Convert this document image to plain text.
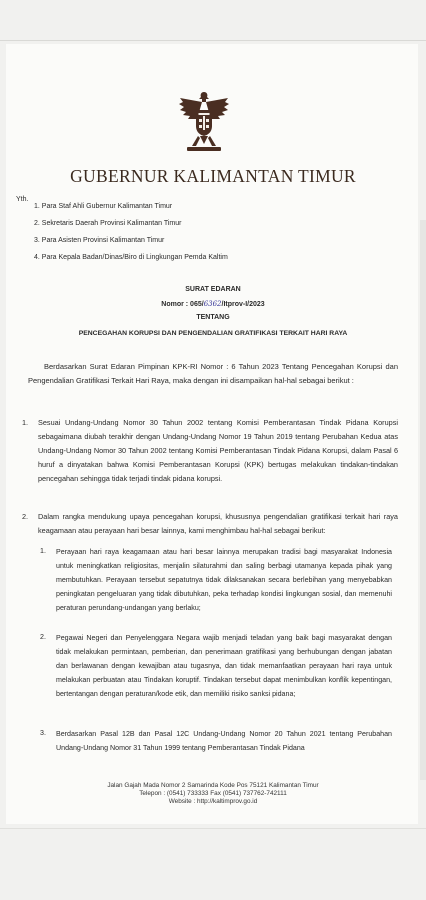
GUBERNUR KALIMANTAN TIMUR
Yth.
1. Para Staf Ahli Gubernur Kalimantan Timur
2. Sekretaris Daerah Provinsi Kalimantan Timur
3. Para Asisten Provinsi Kalimantan Timur
4. Para Kepala Badan/Dinas/Biro di Lingkungan Pemda Kaltim
SURAT EDARAN
Nomor : 065/6362/Itprov-I/2023
TENTANG
PENCEGAHAN KORUPSI DAN PENGENDALIAN GRATIFIKASI TERKAIT HARI RAYA
Berdasarkan Surat Edaran Pimpinan KPK-RI Nomor : 6 Tahun 2023 Tentang Pencegahan Korupsi dan Pengendalian Gratifikasi Terkait Hari Raya, maka dengan ini disampaikan hal-hal sebagai berikut :
1. Sesuai Undang-Undang Nomor 30 Tahun 2002 tentang Komisi Pemberantasan Tindak Pidana Korupsi sebagaimana diubah terakhir dengan Undang-Undang Nomor 19 Tahun 2019 tentang Perubahan Kedua atas Undang-Undang Nomor 30 Tahun 2002 tentang Komisi Pemberantasan Tindak Pidana Korupsi, dalam Pasal 6 huruf a dinyatakan bahwa Komisi Pemberantasan Korupsi (KPK) bertugas melakukan tindakan-tindakan pencegahan sehingga tidak terjadi tindak pidana korupsi.
2. Dalam rangka mendukung upaya pencegahan korupsi, khususnya pengendalian gratifikasi terkait hari raya keagamaan atau perayaan hari besar lainnya, kami menghimbau hal-hal sebagai berikut:
1. Perayaan hari raya keagamaan atau hari besar lainnya merupakan tradisi bagi masyarakat Indonesia untuk meningkatkan religiositas, menjalin silaturahmi dan saling berbagi utamanya kepada pihak yang membutuhkan. Perayaan tersebut sepatutnya tidak dilaksanakan secara berlebihan yang menyebabkan peningkatan pengeluaran yang tidak dibutuhkan, peka terhadap kondisi lingkungan sosial, dan memenuhi peraturan perundang-undangan yang berlaku;
2. Pegawai Negeri dan Penyelenggara Negara wajib menjadi teladan yang baik bagi masyarakat dengan tidak melakukan permintaan, pemberian, dan penerimaan gratifikasi yang berhubungan dengan jabatan dan berlawanan dengan kewajiban atau tugasnya, dan tidak memanfaatkan perayaan hari raya untuk melakukan perbuatan atau Tindakan koruptif. Tindakan tersebut dapat menimbulkan konflik kepentingan, bertentangan dengan peraturan/kode etik, dan memiliki risiko sanksi pidana;
3. Berdasarkan Pasal 12B dan Pasal 12C Undang-Undang Nomor 20 Tahun 2021 tentang Perubahan Undang-Undang Nomor 31 Tahun 1999 tentang Pemberantasan Tindak Pidana
Jalan Gajah Mada Nomor 2 Samarinda Kode Pos 75121 Kalimantan Timur
Telepon : (0541) 733333 Fax (0541) 737762-742111
Website : http://kaltimprov.go.id
